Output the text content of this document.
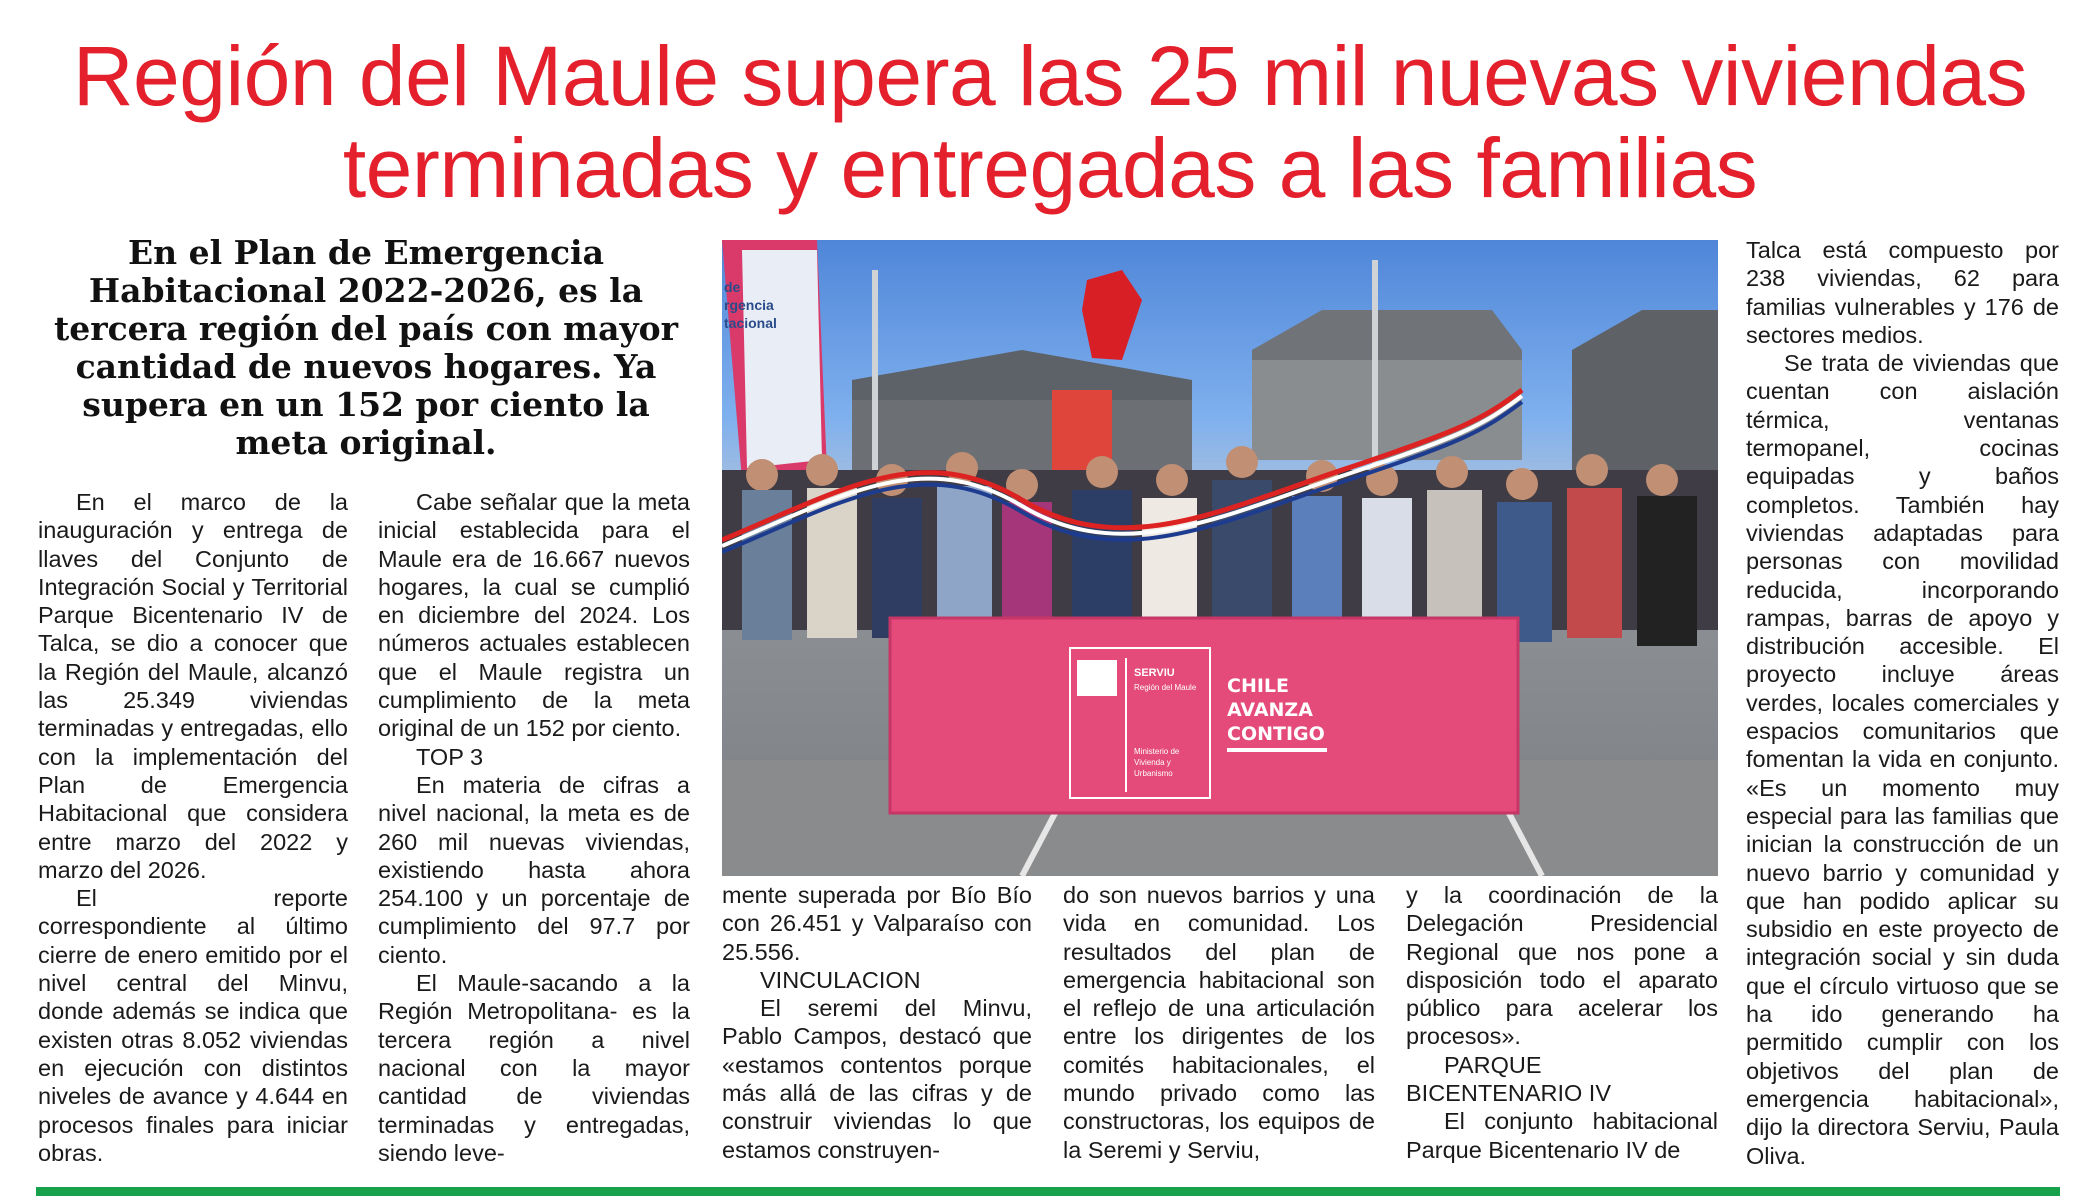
Región del Maule supera las 25 mil nuevas viviendas
terminadas y entregadas a las familias
En el Plan de Emergencia Habitacional 2022-2026, es la tercera región del país con mayor cantidad de nuevos hogares. Ya supera en un 152 por ciento la meta original.

En el marco de la inauguración y entrega de llaves del Conjunto de Integración Social y Territorial Parque Bicentenario IV de Talca, se dio a conocer que la Región del Maule, alcanzó las 25.349 viviendas terminadas y entregadas, ello con la implementación del Plan de Emergencia Habitacional que considera entre marzo del 2022 y marzo del 2026.

El reporte correspondiente al último cierre de enero emitido por el nivel central del Minvu, donde además se indica que existen otras 8.052 viviendas en ejecución con distintos niveles de avance y 4.644 en procesos finales para iniciar obras.

Cabe señalar que la meta inicial establecida para el Maule era de 16.667 nuevos hogares, la cual se cumplió en diciembre del 2024. Los números actuales establecen que el Maule registra un cumplimiento de la meta original de un 152 por ciento.

TOP 3

En materia de cifras a nivel nacional, la meta es de 260 mil nuevas viviendas, existiendo hasta ahora 254.100 y un porcentaje de cumplimiento del 97.7 por ciento.

El Maule-sacando a la Región Metropolitana- es la tercera región a nivel nacional con la mayor cantidad de viviendas terminadas y entregadas, siendo leve-

de
rgencia
tacional
SERVIU
Región del Maule
Ministerio de
Vivienda y
Urbanismo
CHILE
AVANZA
CONTIGO

mente superada por Bío Bío con 26.451 y Valparaíso con 25.556.

VINCULACION

El seremi del Minvu, Pablo Campos, destacó que «estamos contentos porque más allá de las cifras y de construir viviendas lo que estamos construyen-

do son nuevos barrios y una vida en comunidad. Los resultados del plan de emergencia habitacional son el reflejo de una articulación entre los dirigentes de los comités habitacionales, el mundo privado como las constructoras, los equipos de la Seremi y Serviu,

y la coordinación de la Delegación Presidencial Regional que nos pone a disposición todo el aparato público para acelerar los procesos».

PARQUE BICENTENARIO IV

El conjunto habitacional Parque Bicentenario IV de

Talca está compuesto por 238 viviendas, 62 para familias vulnerables y 176 de sectores medios.

Se trata de viviendas que cuentan con aislación térmica, ventanas termopanel, cocinas equipadas y baños completos. También hay viviendas adaptadas para personas con movilidad reducida, incorporando rampas, barras de apoyo y distribución accesible. El proyecto incluye áreas verdes, locales comerciales y espacios comunitarios que fomentan la vida en conjunto. «Es un momento muy especial para las familias que inician la construcción de un nuevo barrio y comunidad y que han podido aplicar su subsidio en este proyecto de integración social y sin duda que el círculo virtuoso que se ha ido generando ha permitido cumplir con los objetivos del plan de emergencia habitacional», dijo la directora Serviu, Paula Oliva.
